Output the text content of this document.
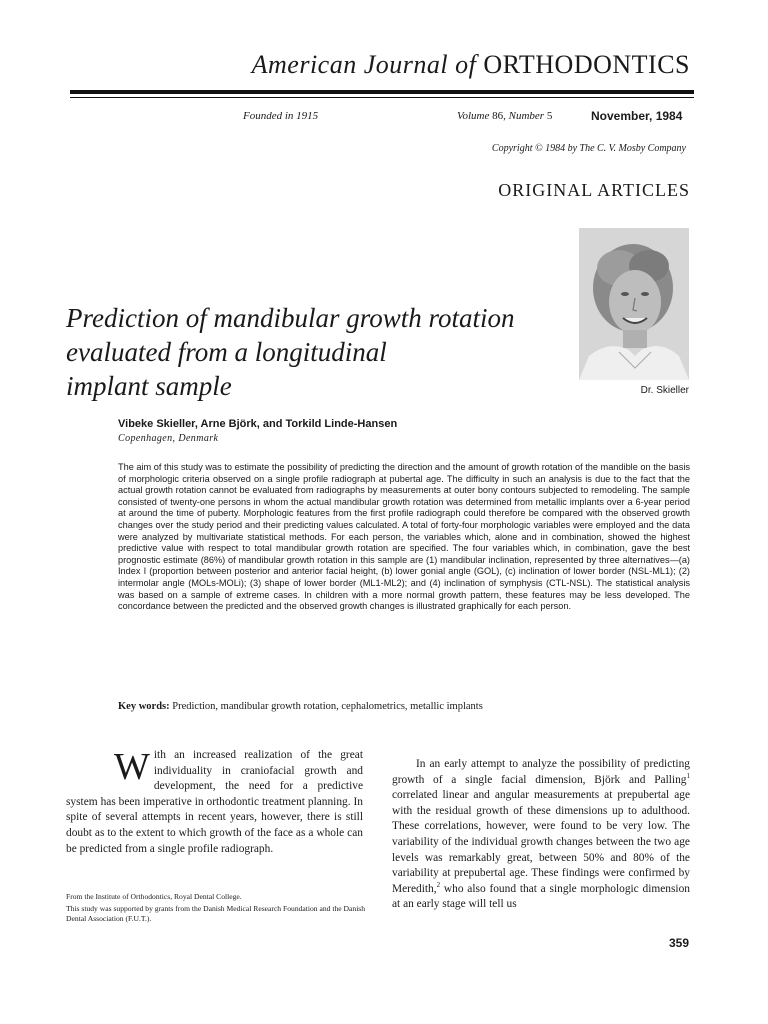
American Journal of ORTHODONTICS
Founded in 1915	Volume 86, Number 5	November, 1984
Copyright © 1984 by The C. V. Mosby Company
ORIGINAL ARTICLES
Dr. Skieller
Prediction of mandibular growth rotation
evaluated from a longitudinal
implant sample
Vibeke Skieller, Arne Björk, and Torkild Linde-Hansen
Copenhagen, Denmark
The aim of this study was to estimate the possibility of predicting the direction and the amount of growth rotation of the mandible on the basis of morphologic criteria observed on a single profile radiograph at pubertal age. The difficulty in such an analysis is due to the fact that the actual growth rotation cannot be evaluated from radiographs by measurements at outer bony contours subjected to remodeling. The sample consisted of twenty-one persons in whom the actual mandibular growth rotation was determined from metallic implants over a 6-year period at around the time of puberty. Morphologic features from the first profile radiograph could therefore be compared with the observed growth changes over the study period and their predicting values calculated. A total of forty-four morphologic variables were employed and the data were analyzed by multivariate statistical methods. For each person, the variables which, alone and in combination, showed the highest predictive value with respect to total mandibular growth rotation are specified. The four variables which, in combination, gave the best prognostic estimate (86%) of mandibular growth rotation in this sample are (1) mandibular inclination, represented by three alternatives—(a) Index I (proportion between posterior and anterior facial height, (b) lower gonial angle (GOL), (c) inclination of lower border (NSL-ML1); (2) intermolar angle (MOLs-MOLi); (3) shape of lower border (ML1-ML2); and (4) inclination of symphysis (CTL-NSL). The statistical analysis was based on a sample of extreme cases. In children with a more normal growth pattern, these features may be less developed. The concordance between the predicted and the observed growth changes is illustrated graphically for each person.
Key words: Prediction, mandibular growth rotation, cephalometrics, metallic implants
With an increased realization of the great individuality in craniofacial growth and development, the need for a predictive system has been imperative in orthodontic treatment planning. In spite of several attempts in recent years, however, there is still doubt as to the extent to which growth of the face as a whole can be predicted from a single profile radiograph.
In an early attempt to analyze the possibility of predicting growth of a single facial dimension, Björk and Palling$^1$ correlated linear and angular measurements at prepubertal age with the residual growth of these dimensions up to adulthood. These correlations, however, were found to be very low. The variability of the individual growth changes between the two age levels was remarkably great, between 50% and 80% of the variability at prepubertal age. These findings were confirmed by Meredith,$^2$ who also found that a single morphologic dimension at an early stage will tell us

From the Institute of Orthodontics, Royal Dental College.

This study was supported by grants from the Danish Medical Research Foundation and the Danish Dental Association (F.U.T.).

359
